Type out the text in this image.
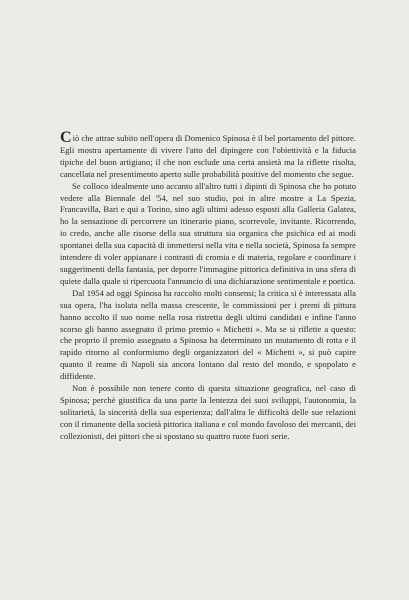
Ciò che attrae subito nell'opera di Domenico Spinosa è il bel portamento del pittore. Egli mostra apertamente di vivere l'atto del dipingere con l'obiettività e la fiducia tipiche del buon artigiano; il che non esclude una certa ansietà ma la riflette risolta, cancellata nel presentimento aperto sulle probabilità positive del momento che segue.

Se colloco idealmente uno accanto all'altro tutti i dipinti di Spinosa che ho potuto vedere alla Biennale del '54, nel suo studio, poi in altre mostre a La Spezia, Francavilla, Bari e qui a Torino, sino agli ultimi adesso esposti alla Galleria Galatea, ho la sensazione di percorrere un itinerario piano, scorrevole, invitante. Ricorrendo, io credo, anche alle risorse della sua struttura sia organica che psichica ed ai modi spontanei della sua capacità di immettersi nella vita e nella società, Spinosa fa sempre intendere di voler appianare i contrasti di cromia e di materia, regolare e coordinare i suggerimenti della fantasia, per deporre l'immagine pittorica definitiva in una sfera di quiete dalla quale si ripercuota l'annuncio di una dichiarazione sentimentale e poetica.

Dal 1954 ad oggi Spinosa ha raccolto molti consensi; la critica si è interessata alla sua opera, l'ha isolata nella massa crescente, le commissioni per i premi di pittura hanno accolto il suo nome nella rosa ristretta degli ultimi candidati e infine l'anno scorso gli hanno assegnato il primo premio « Michetti ». Ma se si riflette a questo: che proprio il premio assegnato a Spinosa ha determinato un mutamento di rotta e il rapido ritorno al conformismo degli organizzatori del « Michetti », si può capire quanto il reame di Napoli sia ancora lontano dal resto del mondo, e spopolato e diffidente.

Non è possibile non tenere conto di questa situazione geografica, nel caso di Spinosa; perchè giustifica da una parte la lentezza dei suoi sviluppi, l'autonomia, la solitarietà, la sincerità della sua esperienza; dall'altra le difficoltà delle sue relazioni con il rimanente della società pittorica italiana e col mondo favoloso dei mercanti, dei collezionisti, dei pittori che si spostano su quattro ruote fuori serie.
